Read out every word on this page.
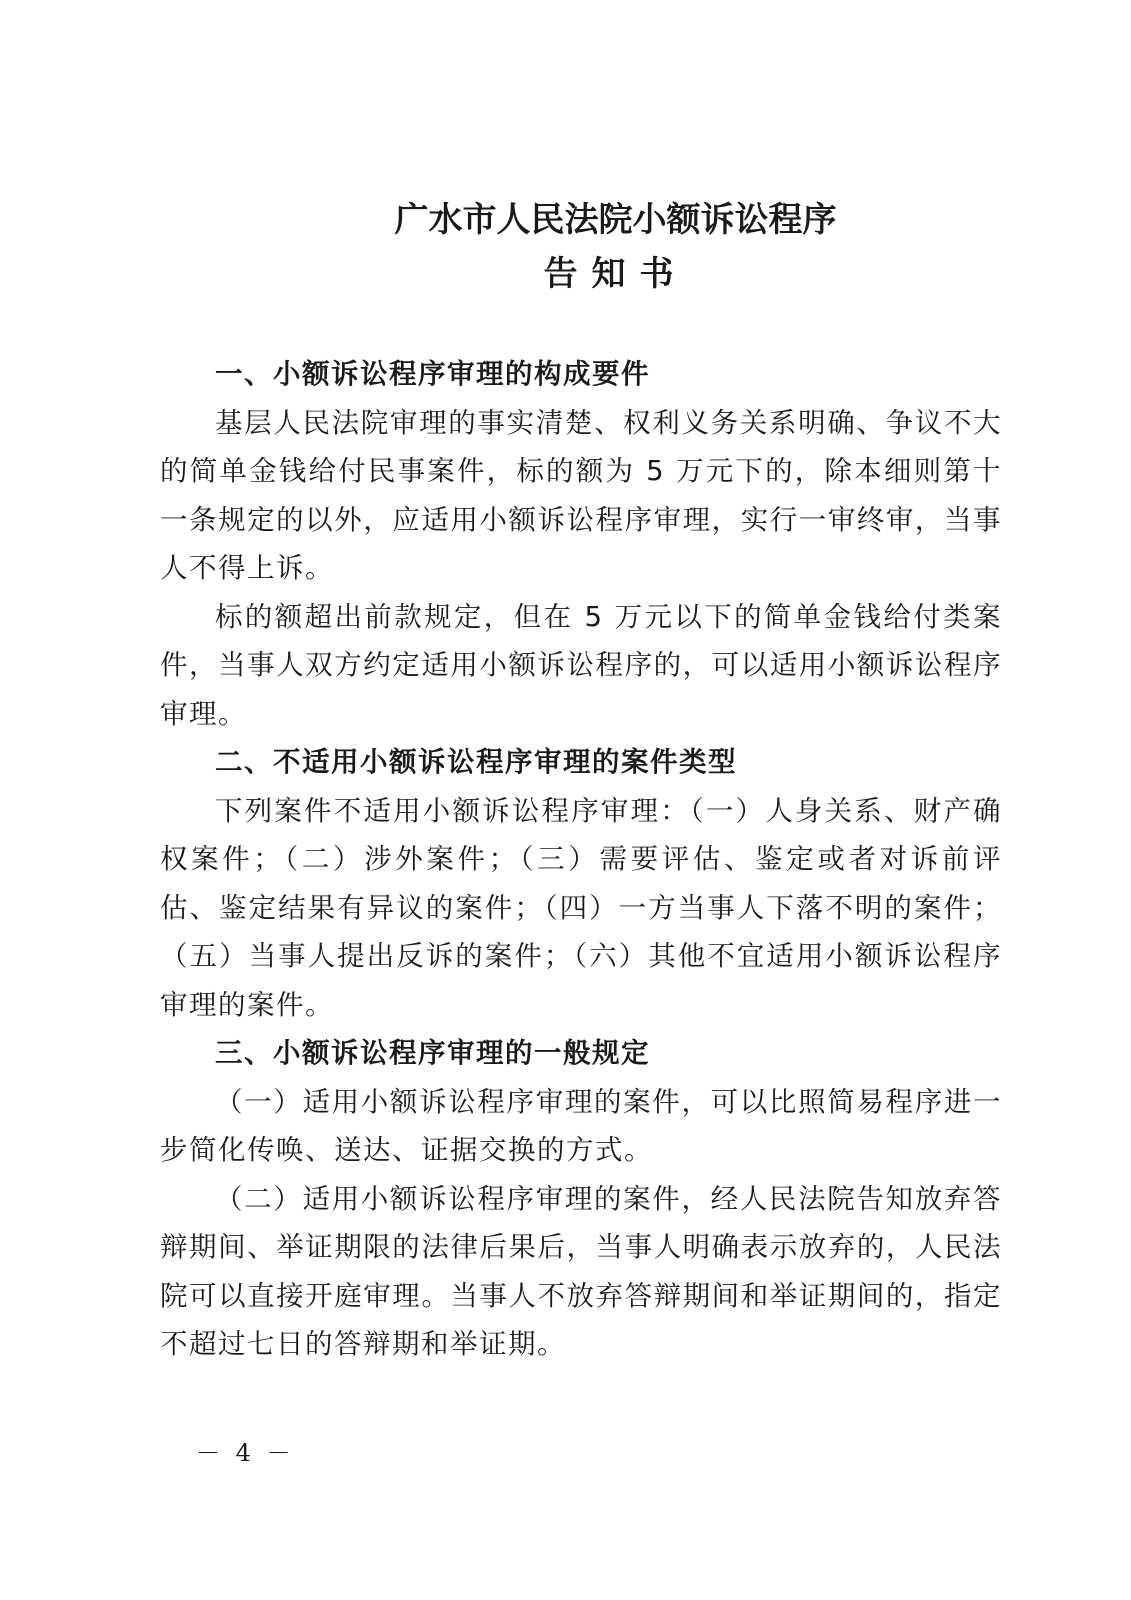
广水市人民法院小额诉讼程序
告知书
一、小额诉讼程序审理的构成要件

基层人民法院审理的事实清楚、权利义务关系明确、争议不大的简单金钱给付民事案件，标的额为 5 万元下的，除本细则第十一条规定的以外，应适用小额诉讼程序审理，实行一审终审，当事人不得上诉。

标的额超出前款规定，但在 5 万元以下的简单金钱给付类案件，当事人双方约定适用小额诉讼程序的，可以适用小额诉讼程序审理。

二、不适用小额诉讼程序审理的案件类型

下列案件不适用小额诉讼程序审理：（一）人身关系、财产确权案件；（二）涉外案件；（三）需要评估、鉴定或者对诉前评估、鉴定结果有异议的案件；（四）一方当事人下落不明的案件；（五）当事人提出反诉的案件；（六）其他不宜适用小额诉讼程序审理的案件。

三、小额诉讼程序审理的一般规定

（一）适用小额诉讼程序审理的案件，可以比照简易程序进一步简化传唤、送达、证据交换的方式。

（二）适用小额诉讼程序审理的案件，经人民法院告知放弃答辩期间、举证期限的法律后果后，当事人明确表示放弃的，人民法院可以直接开庭审理。当事人不放弃答辩期间和举证期间的，指定不超过七日的答辩期和举证期。

－ 4 －
